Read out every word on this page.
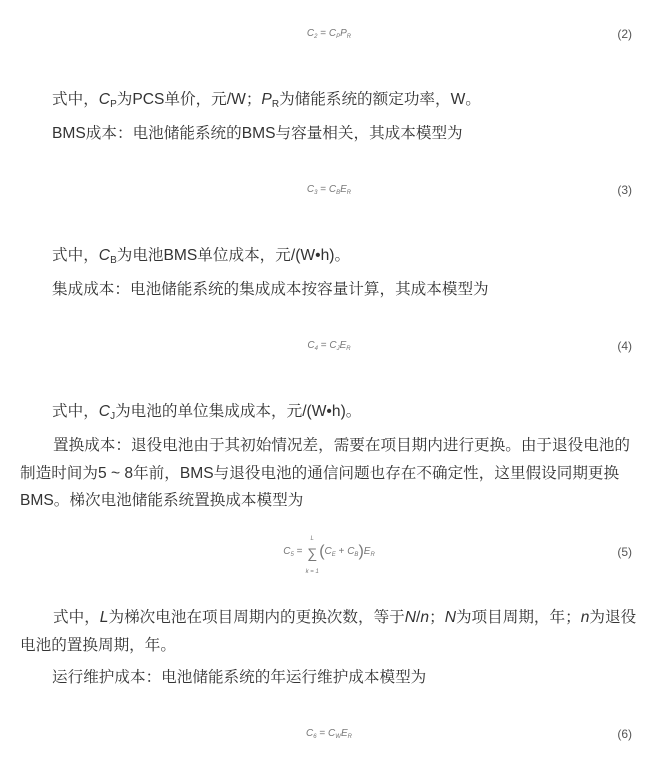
$C_2 = C_PP_R$	(2)

式中，$C_P$为PCS单价，元/W；$P_R$为储能系统的额定功率，W。

BMS成本：电池储能系统的BMS与容量相关，其成本模型为

$C_3 = C_BE_R$	(3)

式中，$C_B$为电池BMS单位成本，元/(W•h)。

集成成本：电池储能系统的集成成本按容量计算，其成本模型为

$C_4 = C_JE_R$	(4)

式中，$C_J$为电池的单位集成成本，元/(W•h)。

置换成本：退役电池由于其初始情况差，需要在项目期内进行更换。由于退役电池的制造时间为5 ~ 8年前，BMS与退役电池的通信问题也存在不确定性，这里假设同期更换BMS。梯次电池储能系统置换成本模型为

$C_5$ =
L
∑
k = 1
$(C_E + C_B)E_R$	(5)

式中，L为梯次电池在项目周期内的更换次数，等于N/n；N为项目周期，年；n为退役电池的置换周期，年。

运行维护成本：电池储能系统的年运行维护成本模型为

$C_6 = C_WE_R$	(6)
